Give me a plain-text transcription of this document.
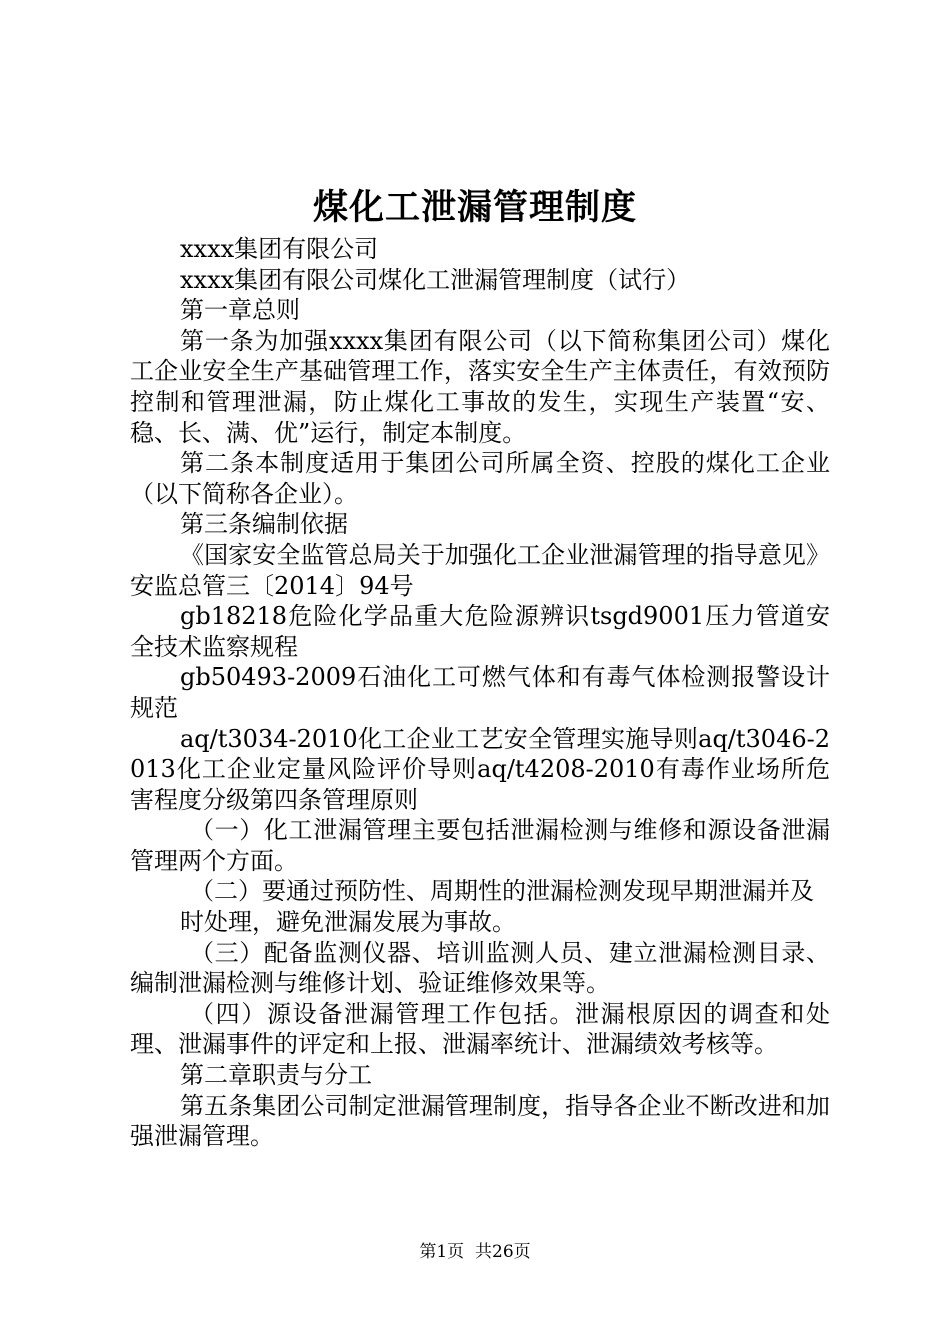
煤化工泄漏管理制度

xxxx集团有限公司

xxxx集团有限公司煤化工泄漏管理制度（试行）

第一章总则

第一条为加强xxxx集团有限公司（以下简称集团公司）煤化工企业安全生产基础管理工作，落实安全生产主体责任，有效预防控制和管理泄漏，防止煤化工事故的发生，实现生产装置“安、稳、长、满、优”运行，制定本制度。

第二条本制度适用于集团公司所属全资、控股的煤化工企业（以下简称各企业）。

第三条编制依据

《国家安全监管总局关于加强化工企业泄漏管理的指导意见》安监总管三〔2014〕94号

gb18218危险化学品重大危险源辨识tsgd9001压力管道安全技术监察规程

gb50493-2009石油化工可燃气体和有毒气体检测报警设计规范

aq/t3034-2010化工企业工艺安全管理实施导则aq/t3046-2013化工企业定量风险评价导则aq/t4208-2010有毒作业场所危害程度分级第四条管理原则

（一）化工泄漏管理主要包括泄漏检测与维修和源设备泄漏管理两个方面。

（二）要通过预防性、周期性的泄漏检测发现早期泄漏并及

时处理，避免泄漏发展为事故。

（三）配备监测仪器、培训监测人员、建立泄漏检测目录、编制泄漏检测与维修计划、验证维修效果等。

（四）源设备泄漏管理工作包括。泄漏根原因的调查和处理、泄漏事件的评定和上报、泄漏率统计、泄漏绩效考核等。

第二章职责与分工

第五条集团公司制定泄漏管理制度，指导各企业不断改进和加强泄漏管理。

第1页 共26页
